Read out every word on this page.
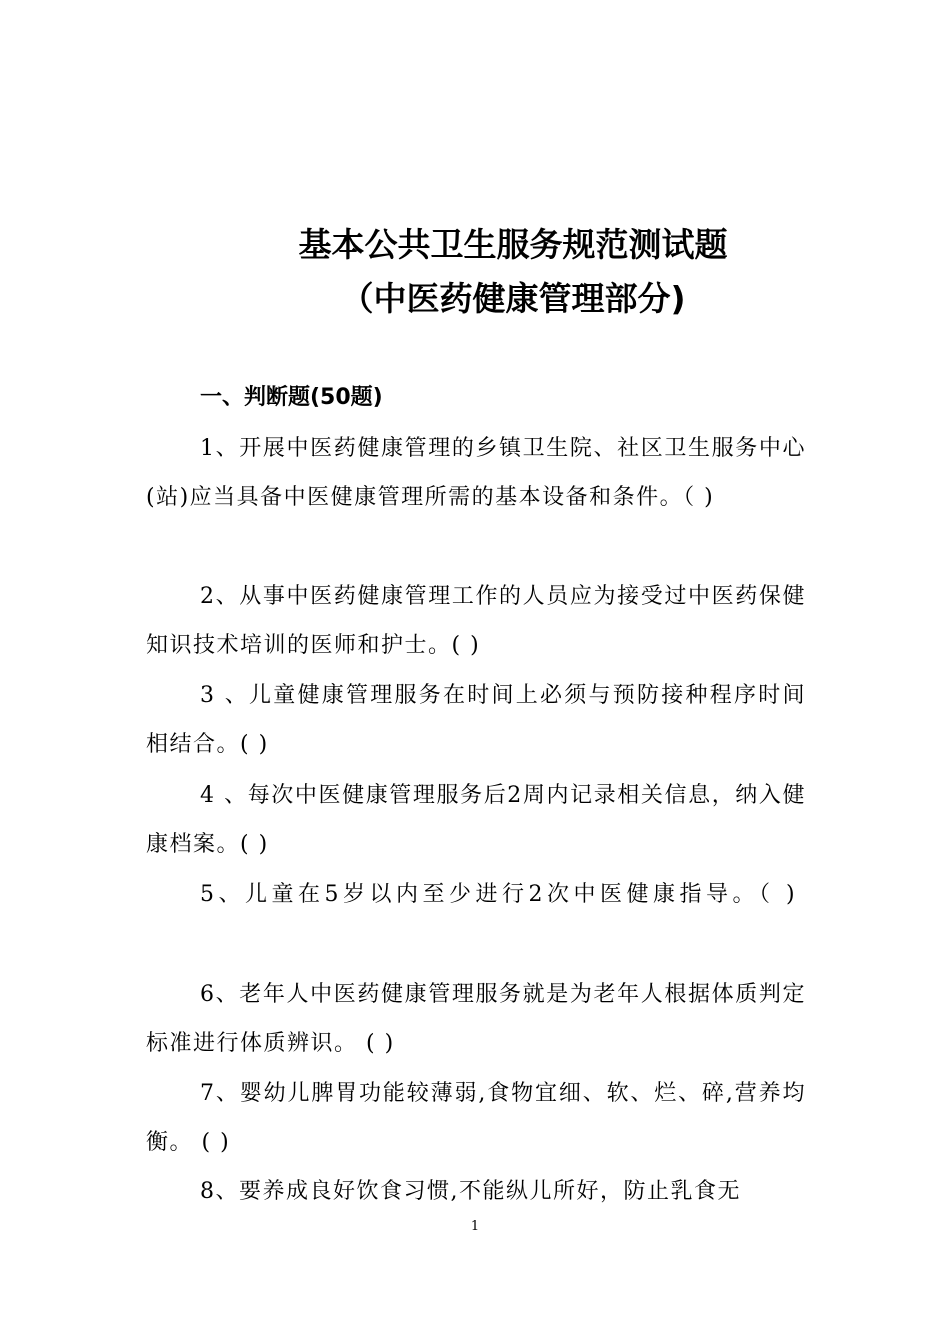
基本公共卫生服务规范测试题
（中医药健康管理部分)
一、判断题(50题)
1、开展中医药健康管理的乡镇卫生院、社区卫生服务中心(站)应当具备中医健康管理所需的基本设备和条件。（ )
2、从事中医药健康管理工作的人员应为接受过中医药保健知识技术培训的医师和护士。( )
3 、儿童健康管理服务在时间上必须与预防接种程序时间相结合。( )
4 、每次中医健康管理服务后2周内记录相关信息，纳入健康档案。( )
5、儿童在5岁以内至少进行2次中医健康指导。（ )
6、老年人中医药健康管理服务就是为老年人根据体质判定标准进行体质辨识。 ( )
7、婴幼儿脾胃功能较薄弱,食物宜细、软、烂、碎,营养均衡。 ( )
8、要养成良好饮食习惯,不能纵儿所好，防止乳食无
1
